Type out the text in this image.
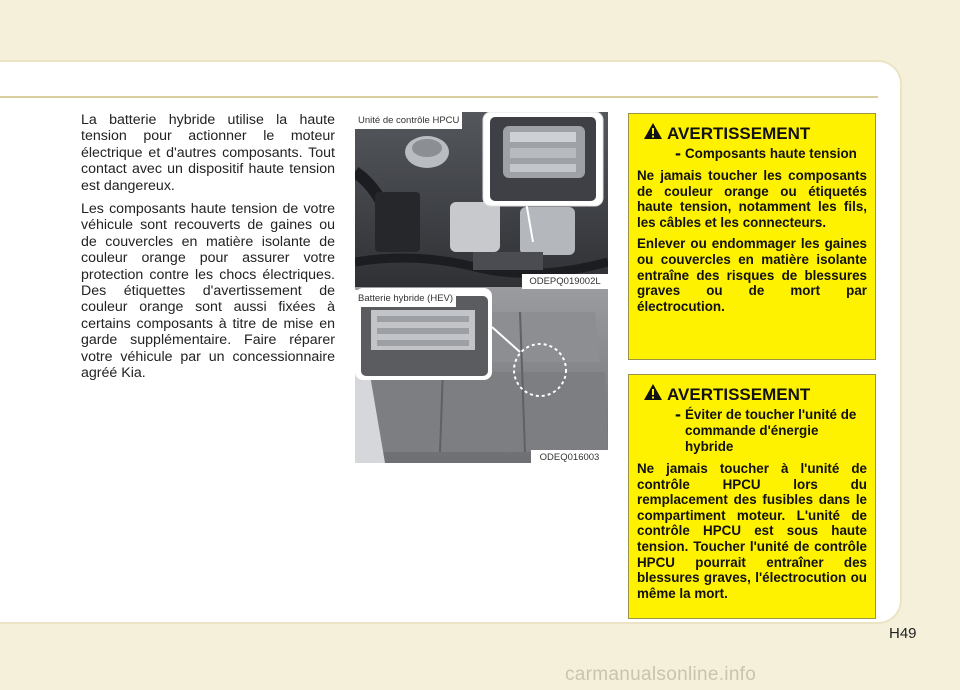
La batterie hybride utilise la haute tension pour actionner le moteur électrique et d'autres composants. Tout contact avec un dispositif haute tension est dangereux.

Les composants haute tension de votre véhicule sont recouverts de gaines ou de couvercles en matière isolante de couleur orange pour assurer votre protection contre les chocs électriques. Des étiquettes d'avertissement de couleur orange sont aussi fixées à certains composants à titre de mise en garde supplémentaire. Faire réparer votre véhicule par un concessionnaire agréé Kia.

Unité de contrôle HPCU
ODEPQ019002L
Batterie hybride (HEV)
ODEQ016003
AVERTISSEMENT
- Composants haute tension

Ne jamais toucher les composants de couleur orange ou étiquetés haute tension, notamment les fils, les câbles et les connecteurs.

Enlever ou endommager les gaines ou couvercles en matière isolante entraîne des risques de blessures graves ou de mort par électrocution.

AVERTISSEMENT
- Éviter de toucher l'unité de commande d'énergie hybride

Ne jamais toucher à l'unité de contrôle HPCU lors du remplacement des fusibles dans le compartiment moteur. L'unité de contrôle HPCU est sous haute tension. Toucher l'unité de contrôle HPCU pourrait entraîner des blessures graves, l'électrocution ou même la mort.

H49
carmanualsonline.info
